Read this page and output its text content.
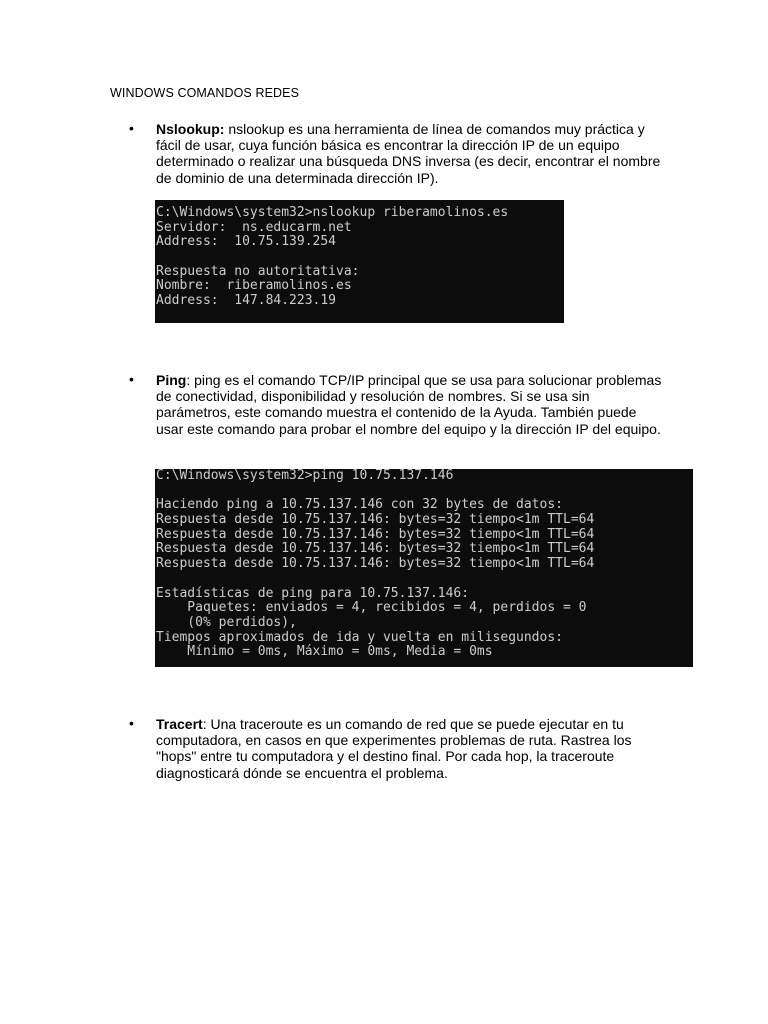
WINDOWS COMANDOS REDES
• Nslookup: nslookup es una herramienta de línea de comandos muy práctica y fácil de usar, cuya función básica es encontrar la dirección IP de un equipo determinado o realizar una búsqueda DNS inversa (es decir, encontrar el nombre de dominio de una determinada dirección IP).

C:\Windows\system32>nslookup riberamolinos.es
Servidor:  ns.educarm.net
Address:  10.75.139.254
Respuesta no autoritativa:
Nombre:  riberamolinos.es
Address:  147.84.223.19
• Ping: ping es el comando TCP/IP principal que se usa para solucionar problemas de conectividad, disponibilidad y resolución de nombres. Si se usa sin parámetros, este comando muestra el contenido de la Ayuda. También puede usar este comando para probar el nombre del equipo y la dirección IP del equipo.

C:\Windows\system32>ping 10.75.137.146
Haciendo ping a 10.75.137.146 con 32 bytes de datos:
Respuesta desde 10.75.137.146: bytes=32 tiempo<1m TTL=64
Respuesta desde 10.75.137.146: bytes=32 tiempo<1m TTL=64
Respuesta desde 10.75.137.146: bytes=32 tiempo<1m TTL=64
Respuesta desde 10.75.137.146: bytes=32 tiempo<1m TTL=64
Estadísticas de ping para 10.75.137.146:
Paquetes: enviados = 4, recibidos = 4, perdidos = 0
(0% perdidos),
Tiempos aproximados de ida y vuelta en milisegundos:
Mínimo = 0ms, Máximo = 0ms, Media = 0ms
• Tracert: Una traceroute es un comando de red que se puede ejecutar en tu computadora, en casos en que experimentes problemas de ruta. Rastrea los "hops" entre tu computadora y el destino final. Por cada hop, la traceroute diagnosticará dónde se encuentra el problema.
